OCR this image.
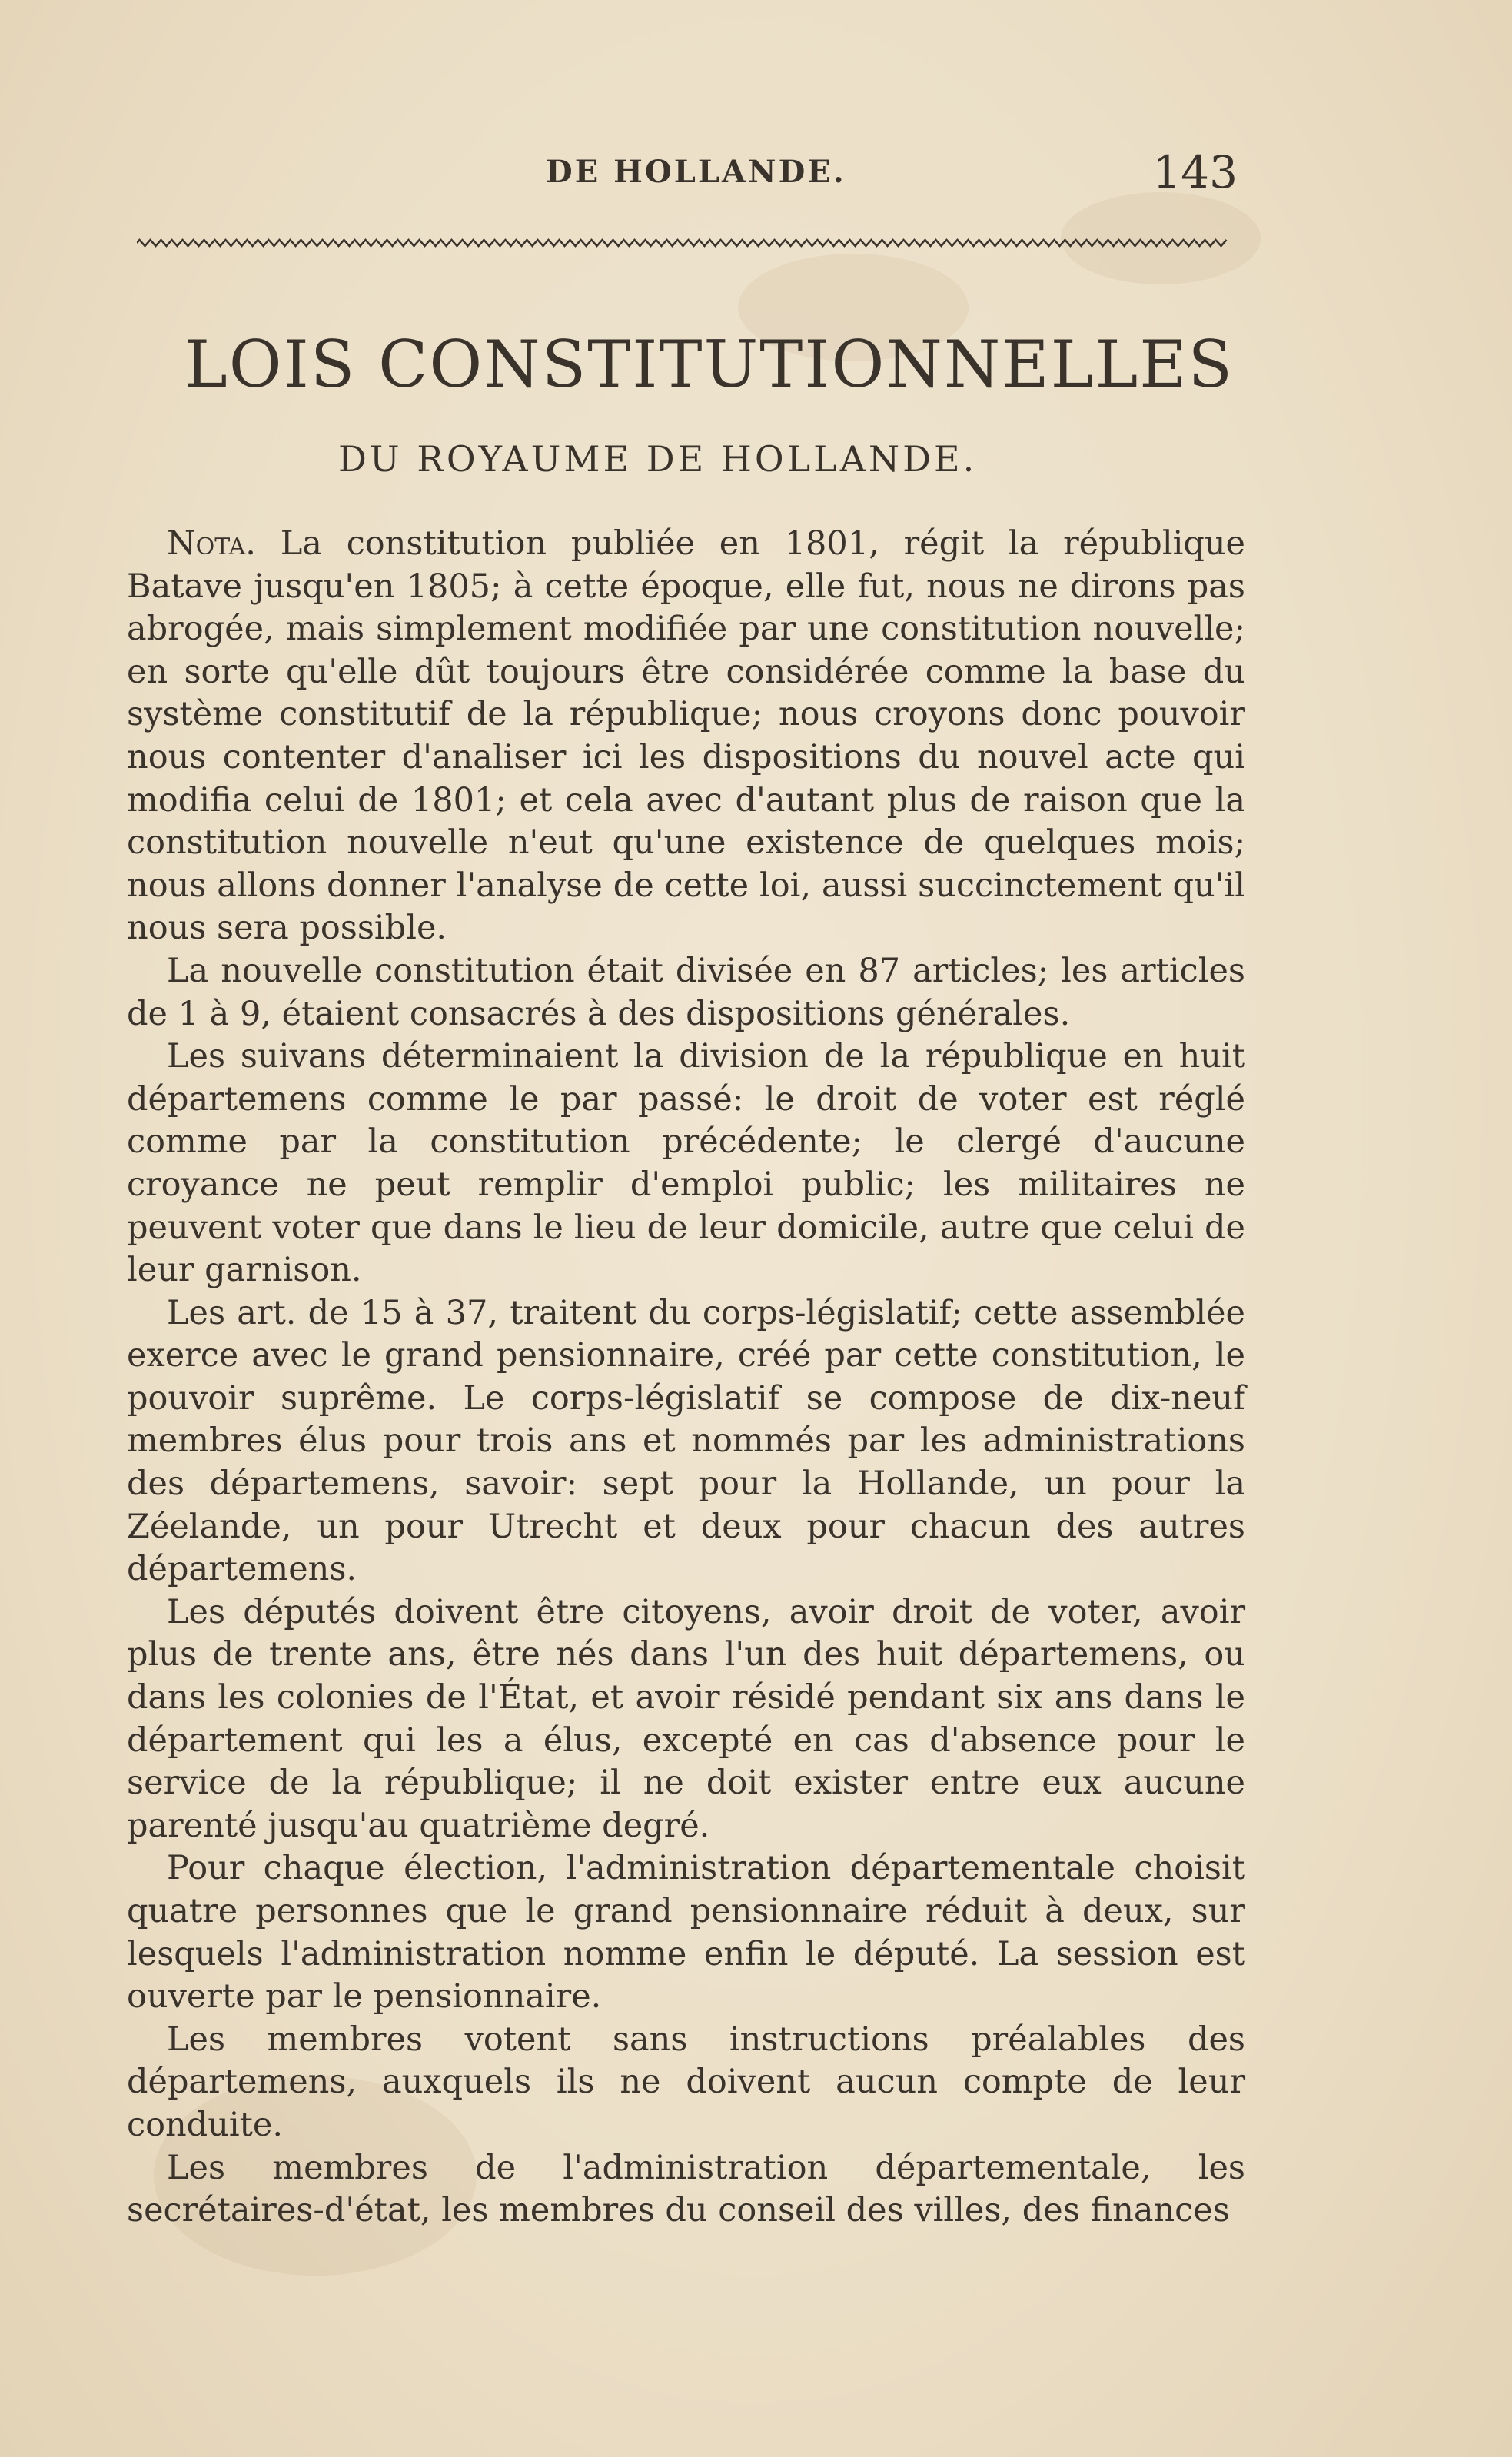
DE HOLLANDE.	143
LOIS CONSTITUTIONNELLES
DU ROYAUME DE HOLLANDE.

Nota. La constitution publiée en 1801, régit la république Batave jusqu'en 1805; à cette époque, elle fut, nous ne dirons pas abrogée, mais simplement modifiée par une constitution nouvelle; en sorte qu'elle dût toujours être considérée comme la base du système constitutif de la république; nous croyons donc pouvoir nous contenter d'analiser ici les dispositions du nouvel acte qui modifia celui de 1801; et cela avec d'autant plus de raison que la constitution nouvelle n'eut qu'une existence de quelques mois; nous allons donner l'analyse de cette loi, aussi succinctement qu'il nous sera possible.

La nouvelle constitution était divisée en 87 articles; les articles de 1 à 9, étaient consacrés à des dispositions générales.

Les suivans déterminaient la division de la république en huit départemens comme le par passé: le droit de voter est réglé comme par la constitution précédente; le clergé d'aucune croyance ne peut remplir d'emploi public; les militaires ne peuvent voter que dans le lieu de leur domicile, autre que celui de leur garnison.

Les art. de 15 à 37, traitent du corps-législatif; cette assemblée exerce avec le grand pensionnaire, créé par cette constitution, le pouvoir suprême. Le corps-législatif se compose de dix-neuf membres élus pour trois ans et nommés par les administrations des départemens, savoir: sept pour la Hollande, un pour la Zéelande, un pour Utrecht et deux pour chacun des autres départemens.

Les députés doivent être citoyens, avoir droit de voter, avoir plus de trente ans, être nés dans l'un des huit départemens, ou dans les colonies de l'État, et avoir résidé pendant six ans dans le département qui les a élus, excepté en cas d'absence pour le service de la république; il ne doit exister entre eux aucune parenté jusqu'au quatrième degré.

Pour chaque élection, l'administration départementale choisit quatre personnes que le grand pensionnaire réduit à deux, sur lesquels l'administration nomme enfin le député. La session est ouverte par le pensionnaire.

Les membres votent sans instructions préalables des départemens, auxquels ils ne doivent aucun compte de leur conduite.

Les membres de l'administration départementale, les secrétaires-d'état, les membres du conseil des villes, des finances
